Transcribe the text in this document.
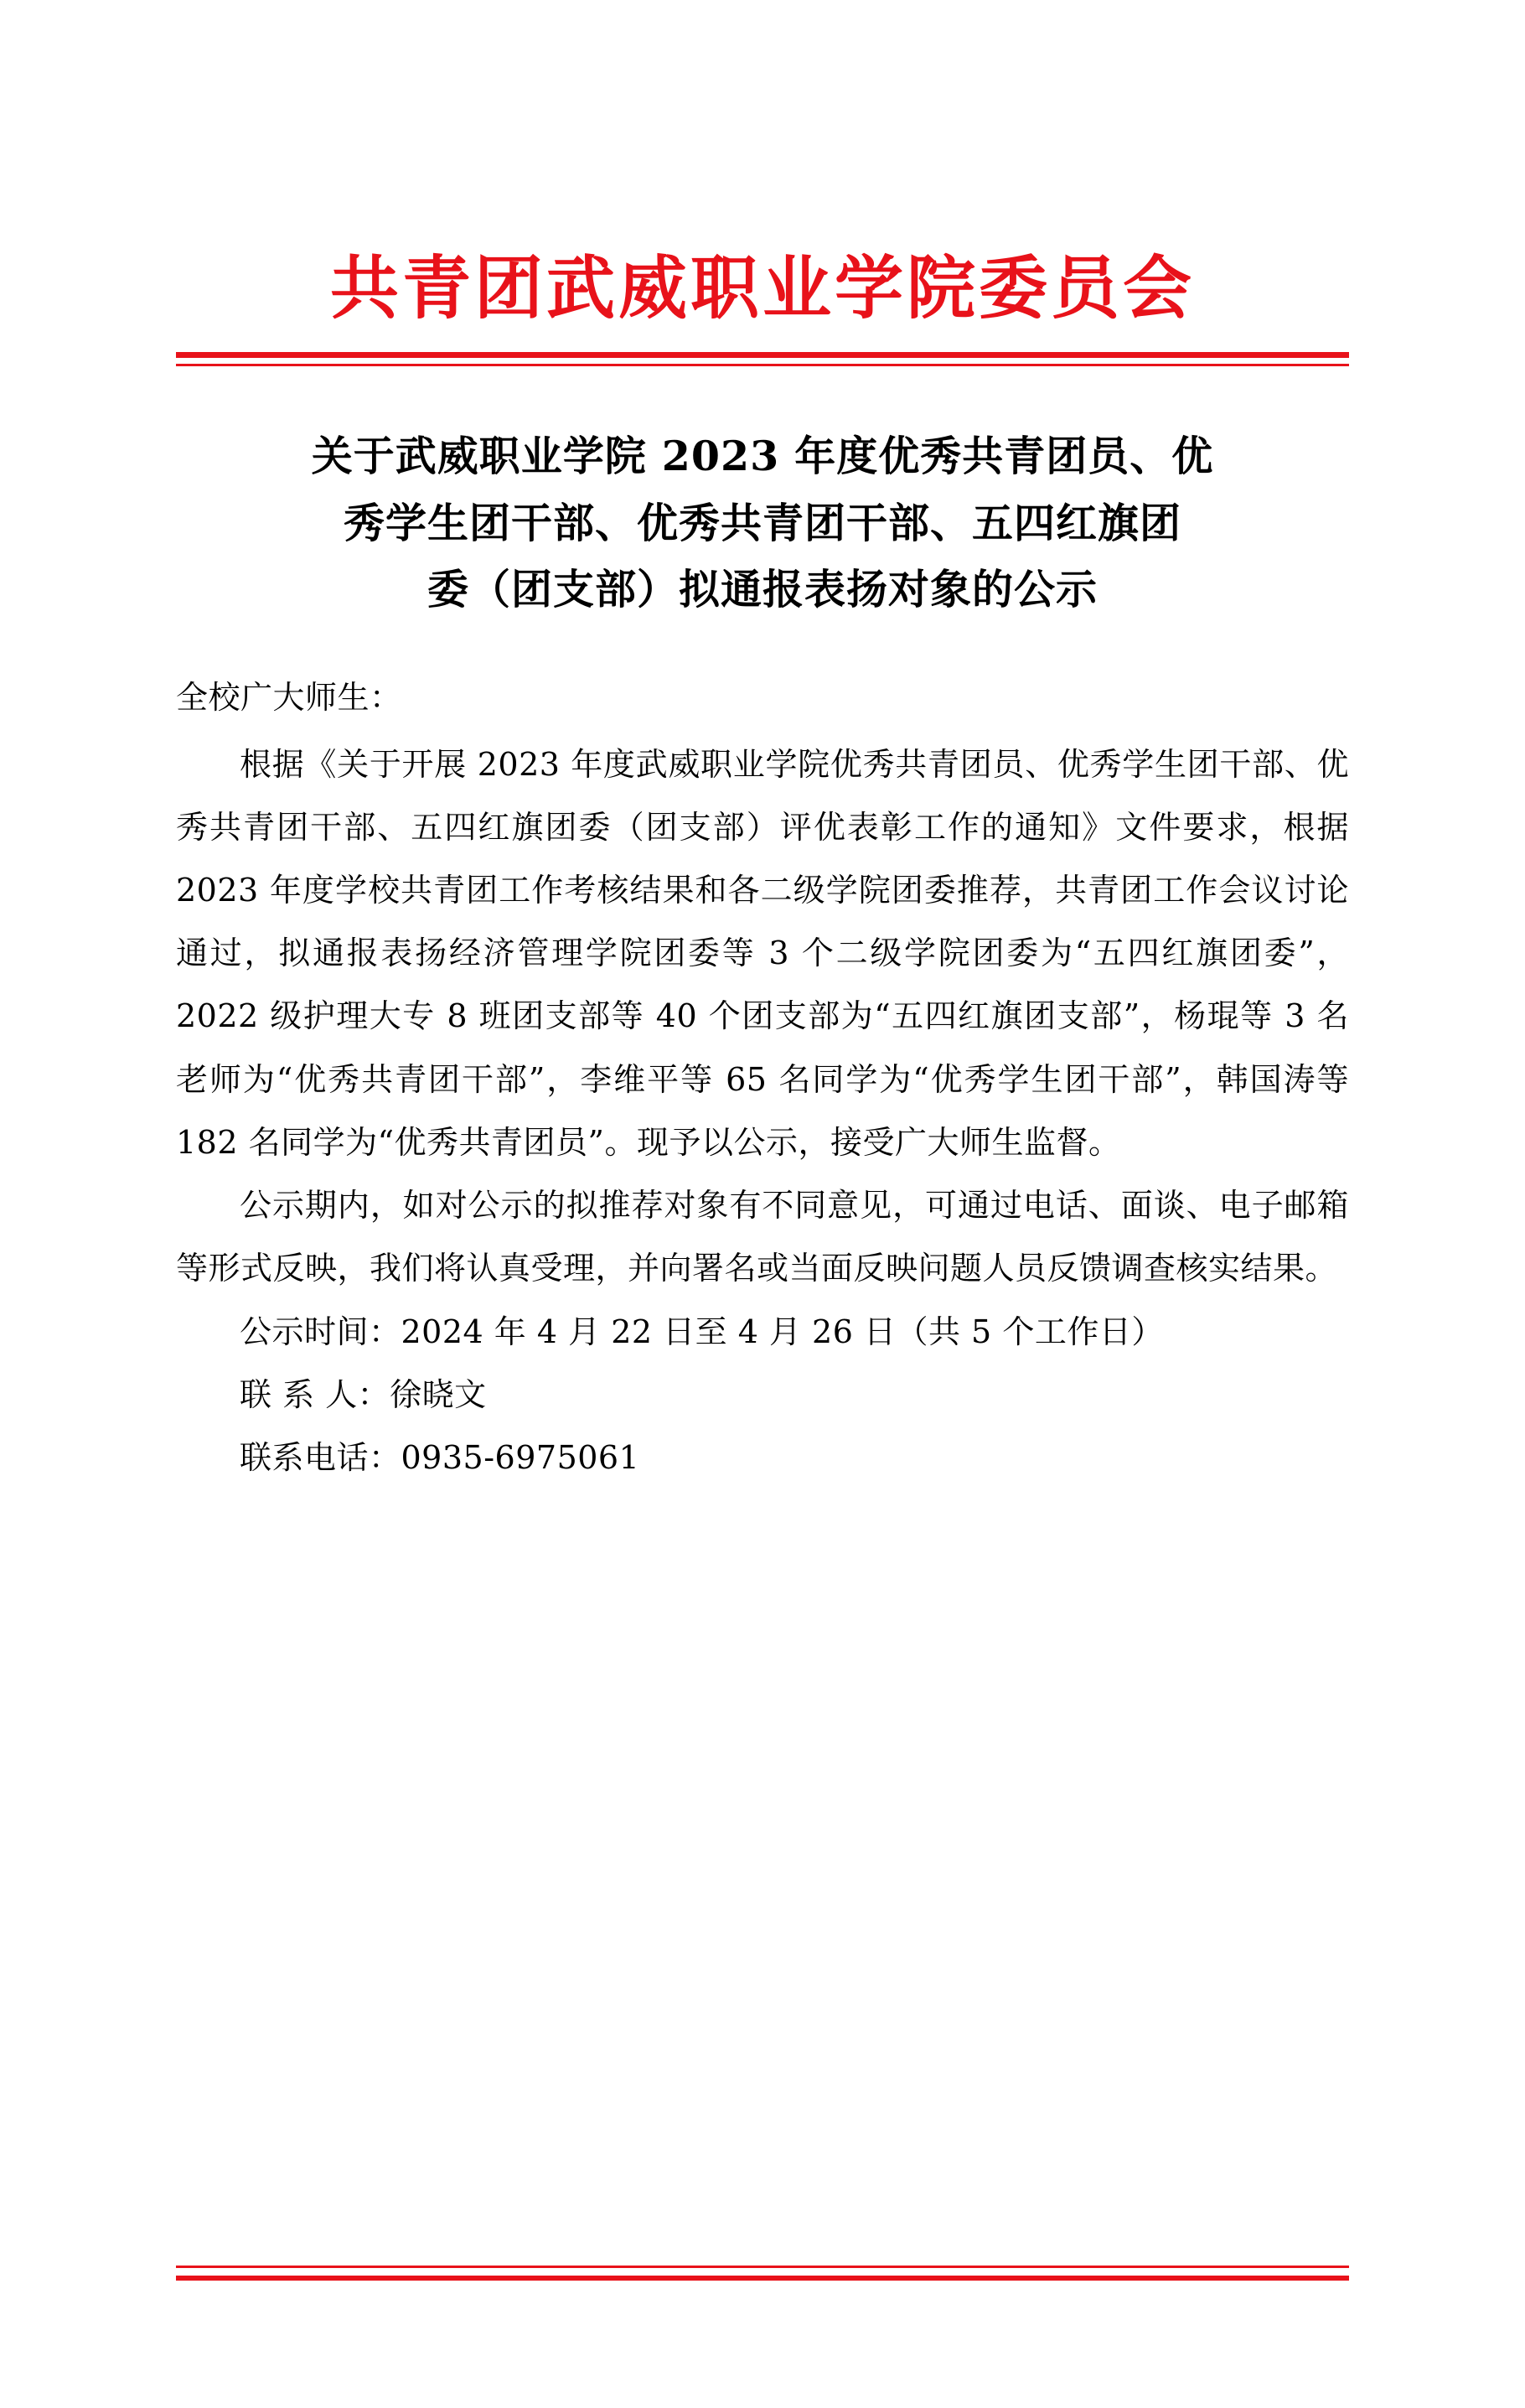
共青团武威职业学院委员会
关于武威职业学院 2023 年度优秀共青团员、优
秀学生团干部、优秀共青团干部、五四红旗团
委（团支部）拟通报表扬对象的公示

全校广大师生：

根据《关于开展 2023 年度武威职业学院优秀共青团员、优秀学生团干部、优秀共青团干部、五四红旗团委（团支部）评优表彰工作的通知》文件要求，根据 2023 年度学校共青团工作考核结果和各二级学院团委推荐，共青团工作会议讨论通过，拟通报表扬经济管理学院团委等 3 个二级学院团委为“五四红旗团委”，2022 级护理大专 8 班团支部等 40 个团支部为“五四红旗团支部”，杨琨等 3 名老师为“优秀共青团干部”，李维平等 65 名同学为“优秀学生团干部”，韩国涛等 182 名同学为“优秀共青团员”。现予以公示，接受广大师生监督。

公示期内，如对公示的拟推荐对象有不同意见，可通过电话、面谈、电子邮箱等形式反映，我们将认真受理，并向署名或当面反映问题人员反馈调查核实结果。

公示时间：2024 年 4 月 22 日至 4 月 26 日（共 5 个工作日）

联 系 人：徐晓文

联系电话：0935-6975061
